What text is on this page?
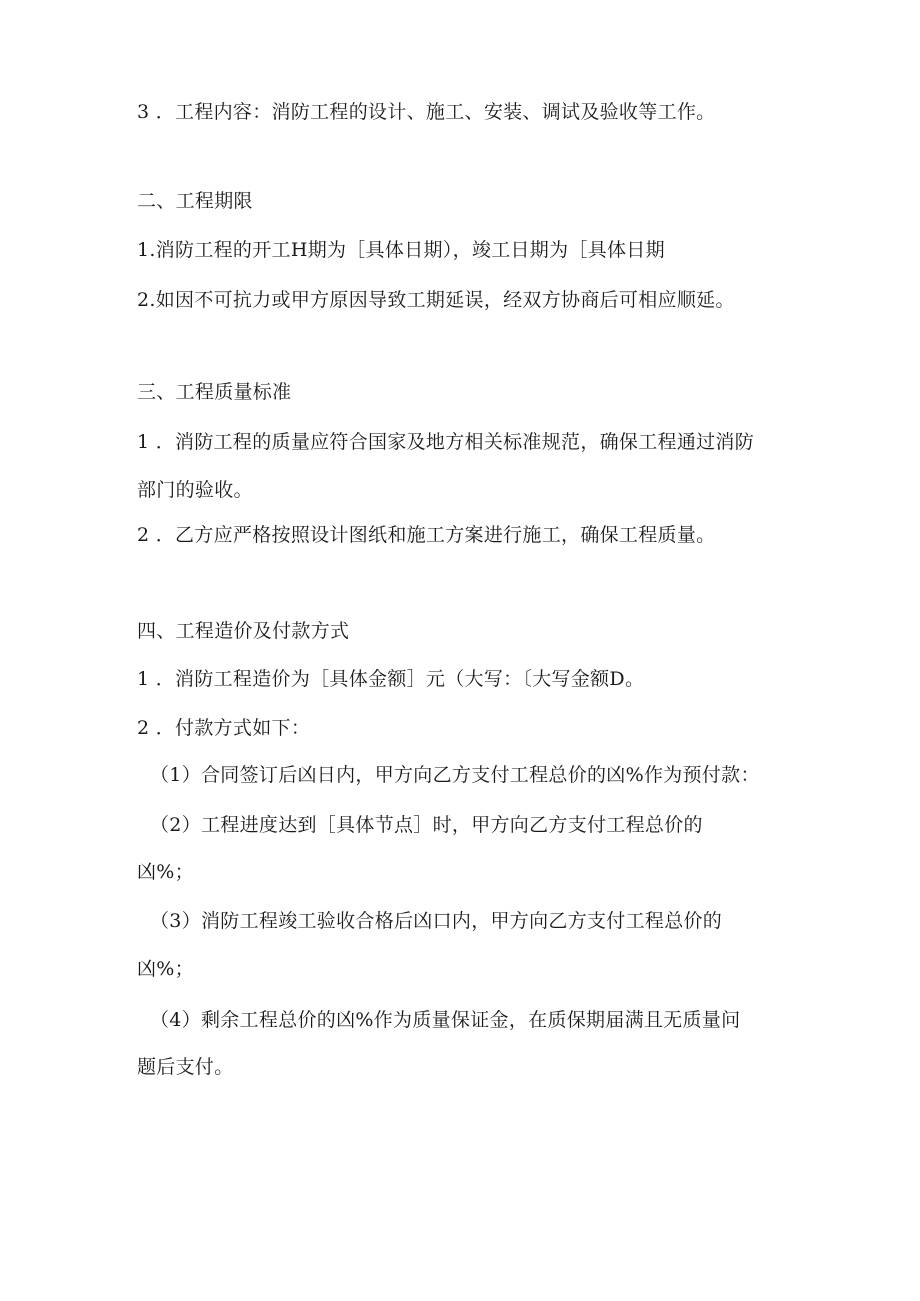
3 ．工程内容：消防工程的设计、施工、安装、调试及验收等工作。
二、工程期限
1.消防工程的开工H期为［具体日期），竣工日期为［具体日期
2.如因不可抗力或甲方原因导致工期延误，经双方协商后可相应顺延。
三、工程质量标准
1 ．消防工程的质量应符合国家及地方相关标准规范，确保工程通过消防
部门的验收。
2 ．乙方应严格按照设计图纸和施工方案进行施工，确保工程质量。
四、工程造价及付款方式
1 ．消防工程造价为［具体金额］元（大写：〔大写金额D。
2 ．付款方式如下：
（1）合同签订后凶日内，甲方向乙方支付工程总价的凶%作为预付款：
（2）工程进度达到［具体节点］时，甲方向乙方支付工程总价的
凶%；
（3）消防工程竣工验收合格后凶口内，甲方向乙方支付工程总价的
凶%；
（4）剩余工程总价的凶%作为质量保证金，在质保期届满且无质量问
题后支付。
